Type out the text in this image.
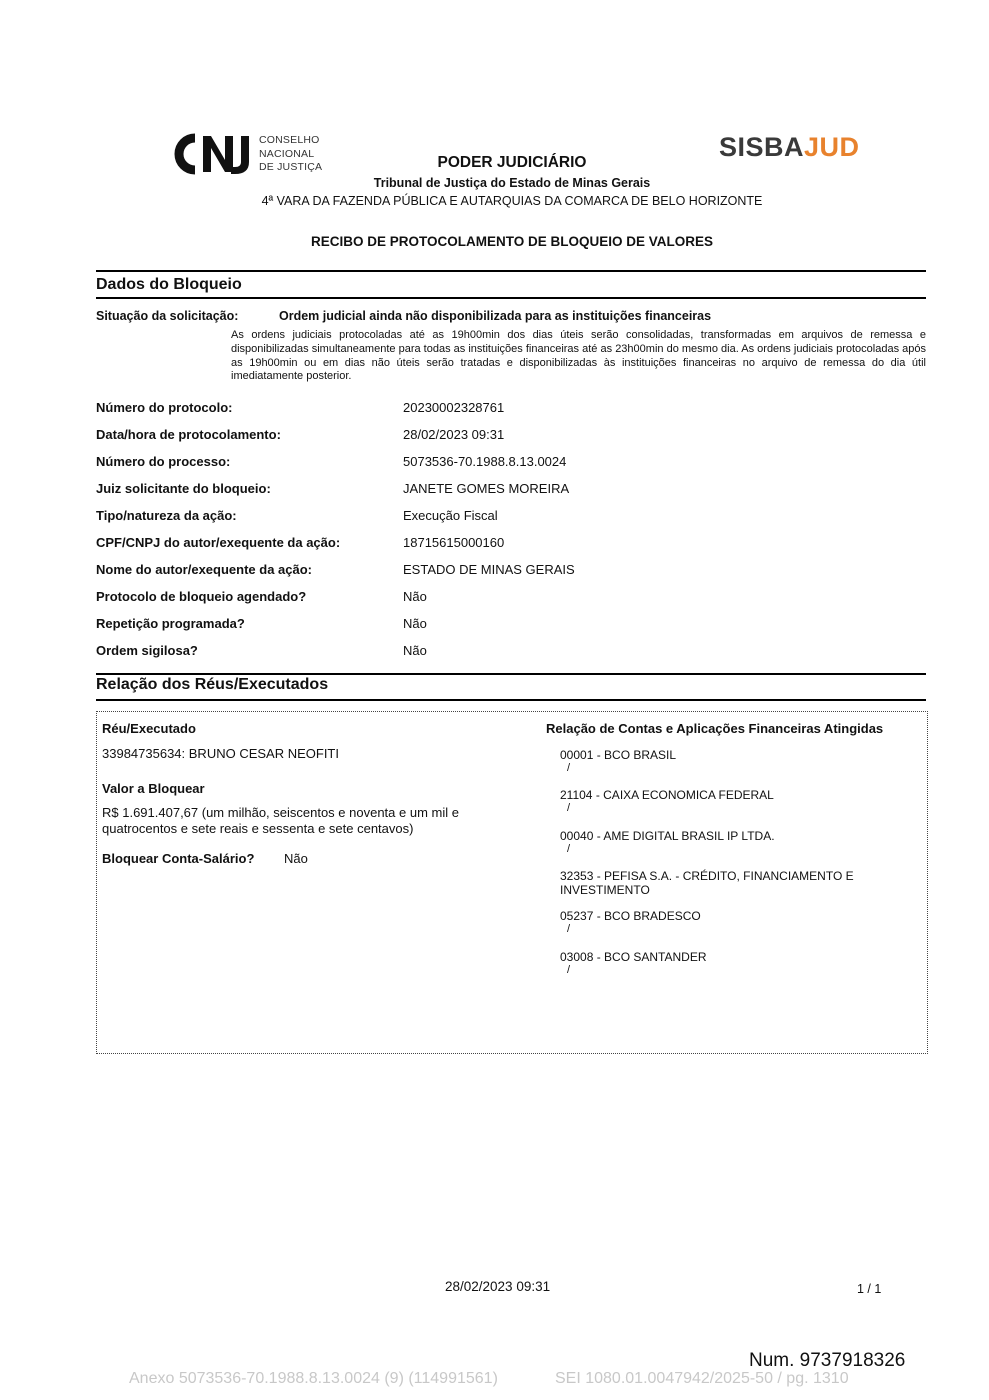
CONSELHO
NACIONAL
DE JUSTIÇA
SISBAJUD
PODER JUDICIÁRIO
Tribunal de Justiça do Estado de Minas Gerais
4ª VARA DA FAZENDA PÚBLICA E AUTARQUIAS DA COMARCA DE BELO HORIZONTE
RECIBO DE PROTOCOLAMENTO DE BLOQUEIO DE VALORES
Dados do Bloqueio
Situação da solicitação:	Ordem judicial ainda não disponibilizada para as instituições financeiras
As ordens judiciais protocoladas até as 19h00min dos dias úteis serão consolidadas, transformadas em arquivos de remessa e disponibilizadas simultaneamente para todas as instituições financeiras até as 23h00min do mesmo dia. As ordens judiciais protocoladas após as 19h00min ou em dias não úteis serão tratadas e disponibilizadas às instituições financeiras no arquivo de remessa do dia útil imediatamente posterior.
Número do protocolo:	20230002328761
Data/hora de protocolamento:	28/02/2023 09:31
Número do processo:	5073536-70.1988.8.13.0024
Juiz solicitante do bloqueio:	JANETE GOMES MOREIRA
Tipo/natureza da ação:	Execução Fiscal
CPF/CNPJ do autor/exequente da ação:	18715615000160
Nome do autor/exequente da ação:	ESTADO DE MINAS GERAIS
Protocolo de bloqueio agendado?	Não
Repetição programada?	Não
Ordem sigilosa?	Não
Relação dos Réus/Executados
Réu/Executado
33984735634: BRUNO CESAR NEOFITI
Valor a Bloquear
R$ 1.691.407,67 (um milhão, seiscentos e noventa e um mil e quatrocentos e sete reais e sessenta e sete centavos)
Bloquear Conta-Salário? Não
Relação de Contas e Aplicações Financeiras Atingidas
00001 - BCO BRASIL
/
21104 - CAIXA ECONOMICA FEDERAL
/
00040 - AME DIGITAL BRASIL IP LTDA.
/
32353 - PEFISA S.A. - CRÉDITO, FINANCIAMENTO E INVESTIMENTO
05237 - BCO BRADESCO
/
03008 - BCO SANTANDER
/
28/02/2023 09:31	1 / 1
Num. 9737918326
Anexo 5073536-70.1988.8.13.0024 (9) (114991561)	SEI 1080.01.0047942/2025-50 / pg. 1310
